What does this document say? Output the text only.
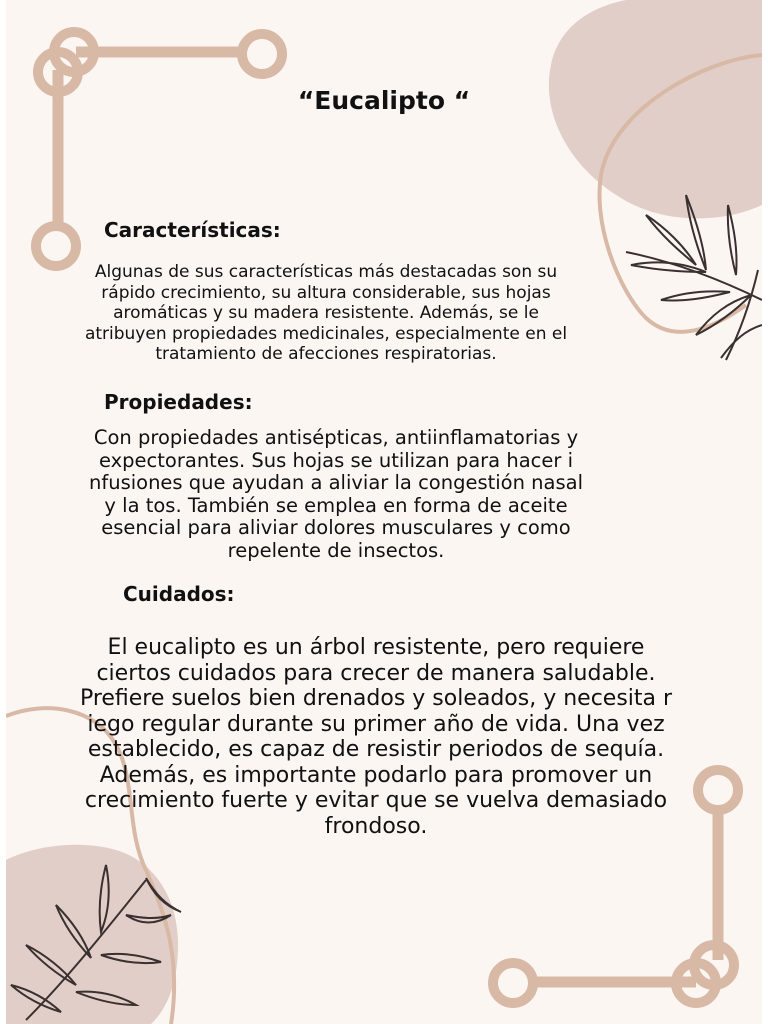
“Eucalipto “
Características:

Algunas de sus características más destacadas son su
rápido crecimiento, su altura considerable, sus hojas
aromáticas y su madera resistente. Además, se le
atribuyen propiedades medicinales, especialmente en el
tratamiento de afecciones respiratorias.

Propiedades:

Con propiedades antisépticas, antiinflamatorias y
expectorantes. Sus hojas se utilizan para hacer i
nfusiones que ayudan a aliviar la congestión nasal
y la tos. También se emplea en forma de aceite
esencial para aliviar dolores musculares y como
repelente de insectos.

Cuidados:

El eucalipto es un árbol resistente, pero requiere
ciertos cuidados para crecer de manera saludable.
Prefiere suelos bien drenados y soleados, y necesita r
iego regular durante su primer año de vida. Una vez
establecido, es capaz de resistir periodos de sequía.
Además, es importante podarlo para promover un
crecimiento fuerte y evitar que se vuelva demasiado
frondoso.
